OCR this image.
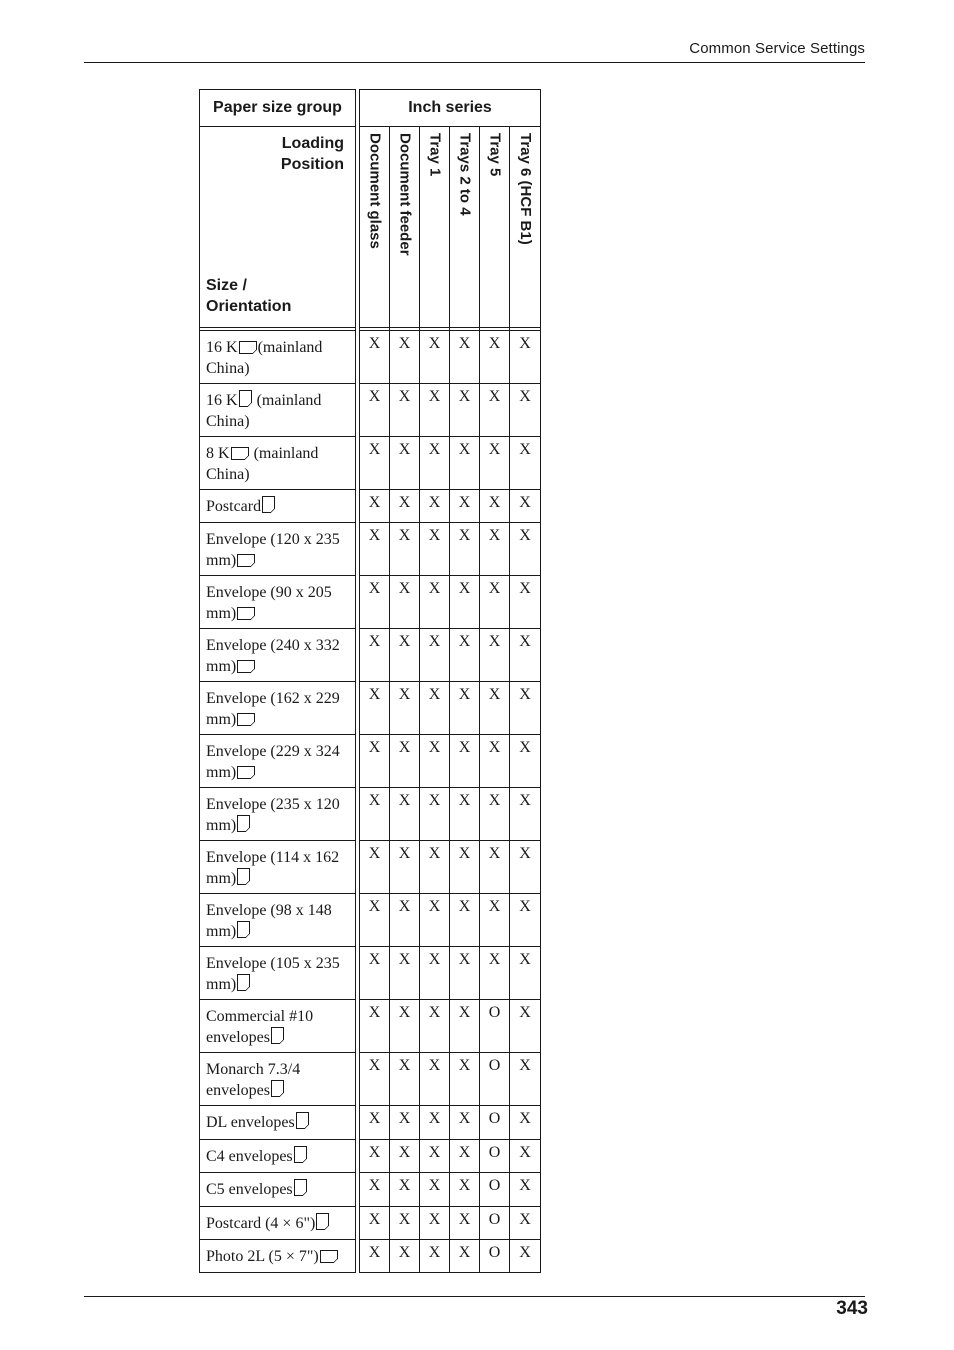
Common Service Settings
Paper size group		Inch series					

Loading
Position
Size /
Orientation		Document glass	Document feeder	Tray 1	Trays 2 to 4	Tray 5	Tray 6 (HCF B1)

16 K (mainland China)		X	X	X	X	X	X
16 K (mainland China)		X	X	X	X	X	X
8 K (mainland China)		X	X	X	X	X	X
Postcard		X	X	X	X	X	X
Envelope (120 x 235 mm)		X	X	X	X	X	X
Envelope (90 x 205 mm)		X	X	X	X	X	X
Envelope (240 x 332 mm)		X	X	X	X	X	X
Envelope (162 x 229 mm)		X	X	X	X	X	X
Envelope (229 x 324 mm)		X	X	X	X	X	X
Envelope (235 x 120 mm)		X	X	X	X	X	X
Envelope (114 x 162 mm)		X	X	X	X	X	X
Envelope (98 x 148 mm)		X	X	X	X	X	X
Envelope (105 x 235 mm)		X	X	X	X	X	X
Commercial #10 envelopes		X	X	X	X	O	X
Monarch 7.3/4 envelopes		X	X	X	X	O	X
DL envelopes		X	X	X	X	O	X
C4 envelopes		X	X	X	X	O	X
C5 envelopes		X	X	X	X	O	X
Postcard (4 × 6")		X	X	X	X	O	X
Photo 2L (5 × 7")		X	X	X	X	O	X
343
